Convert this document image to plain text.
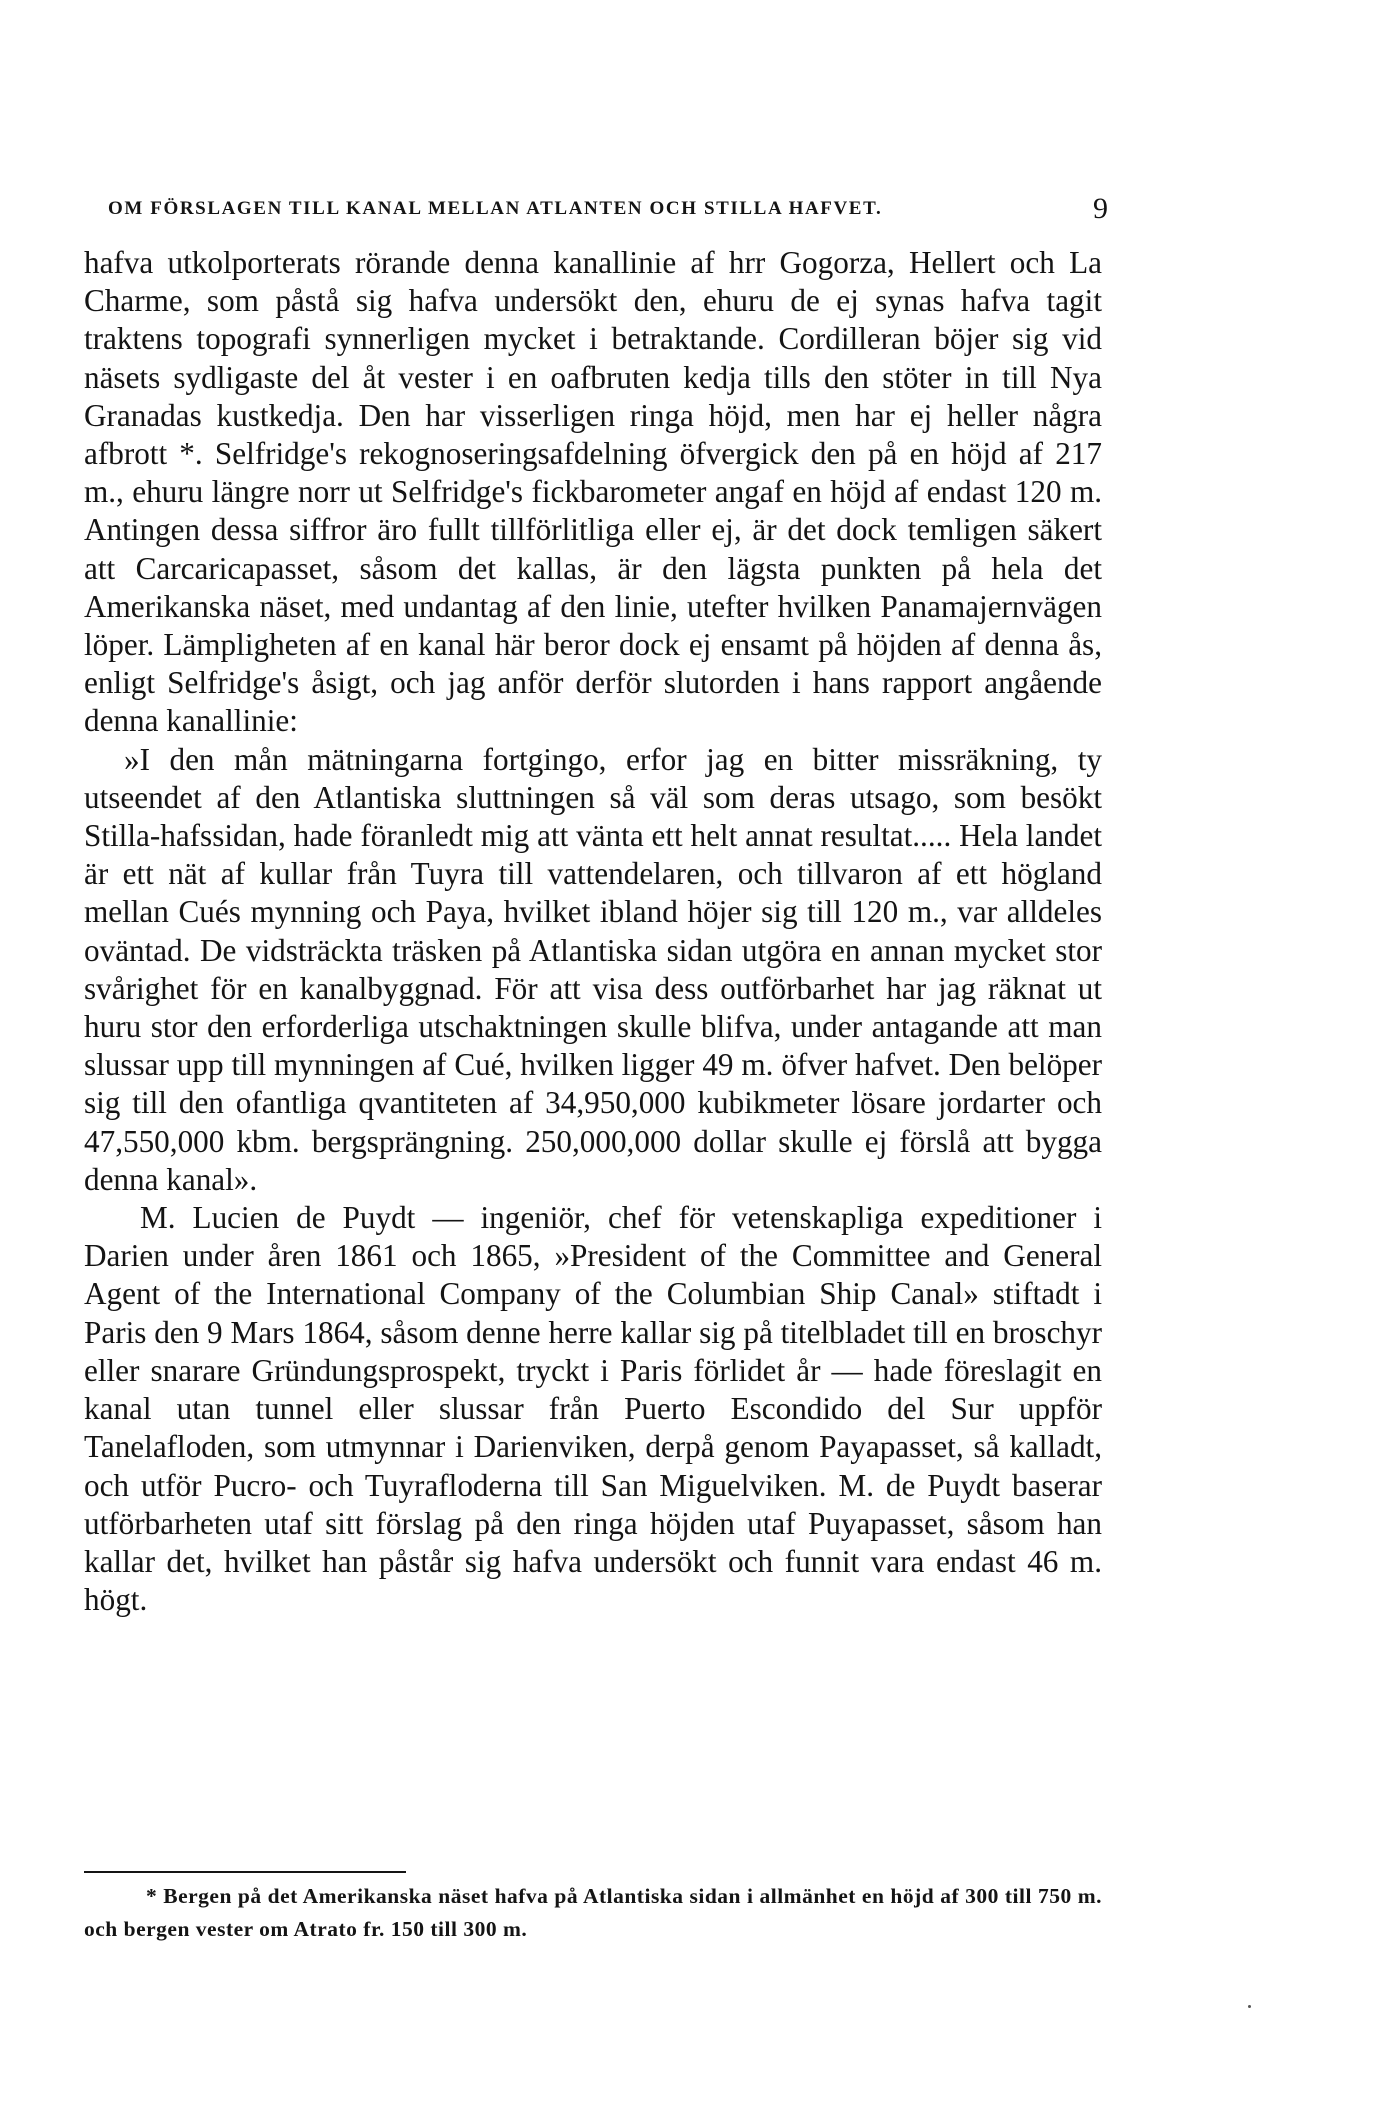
OM FÖRSLAGEN TILL KANAL MELLAN ATLANTEN OCH STILLA HAFVET.	9

hafva utkolporterats rörande denna kanallinie af hrr Gogorza, Hellert och La Charme, som påstå sig hafva undersökt den, ehuru de ej synas hafva tagit traktens topografi synnerligen mycket i betraktande. Cordilleran böjer sig vid näsets sydligaste del åt vester i en oafbruten kedja tills den stöter in till Nya Granadas kustkedja. Den har visserligen ringa höjd, men har ej heller några afbrott *. Selfridge's rekognoseringsafdelning öfvergick den på en höjd af 217 m., ehuru längre norr ut Selfridge's fickbarometer angaf en höjd af endast 120 m. Antingen dessa siffror äro fullt tillförlitliga eller ej, är det dock temligen säkert att Carcaricapasset, såsom det kallas, är den lägsta punkten på hela det Amerikanska näset, med undantag af den linie, utefter hvilken Panamajernvägen löper. Lämpligheten af en kanal här beror dock ej ensamt på höjden af denna ås, enligt Selfridge's åsigt, och jag anför derför slutorden i hans rapport angående denna kanallinie:

»I den mån mätningarna fortgingo, erfor jag en bitter missräkning, ty utseendet af den Atlantiska sluttningen så väl som deras utsago, som besökt Stilla-hafssidan, hade föranledt mig att vänta ett helt annat resultat..... Hela landet är ett nät af kullar från Tuyra till vattendelaren, och tillvaron af ett högland mellan Cués mynning och Paya, hvilket ibland höjer sig till 120 m., var alldeles oväntad. De vidsträckta träsken på Atlantiska sidan utgöra en annan mycket stor svårighet för en kanalbyggnad. För att visa dess outförbarhet har jag räknat ut huru stor den erforderliga utschaktningen skulle blifva, under antagande att man slussar upp till mynningen af Cué, hvilken ligger 49 m. öfver hafvet. Den belöper sig till den ofantliga qvantiteten af 34,950,000 kubikmeter lösare jordarter och 47,550,000 kbm. bergsprängning. 250,000,000 dollar skulle ej förslå att bygga denna kanal».

M. Lucien de Puydt — ingeniör, chef för vetenskapliga expeditioner i Darien under åren 1861 och 1865, »President of the Committee and General Agent of the International Company of the Columbian Ship Canal» stiftadt i Paris den 9 Mars 1864, såsom denne herre kallar sig på titelbladet till en broschyr eller snarare Gründungsprospekt, tryckt i Paris förlidet år — hade föreslagit en kanal utan tunnel eller slussar från Puerto Escondido del Sur uppför Tanelafloden, som utmynnar i Darienviken, derpå genom Payapasset, så kalladt, och utför Pucro- och Tuyrafloderna till San Miguelviken. M. de Puydt baserar utförbarheten utaf sitt förslag på den ringa höjden utaf Puyapasset, såsom han kallar det, hvilket han påstår sig hafva undersökt och funnit vara endast 46 m. högt.

* Bergen på det Amerikanska näset hafva på Atlantiska sidan i allmänhet en höjd af 300 till 750 m. och bergen vester om Atrato fr. 150 till 300 m.
